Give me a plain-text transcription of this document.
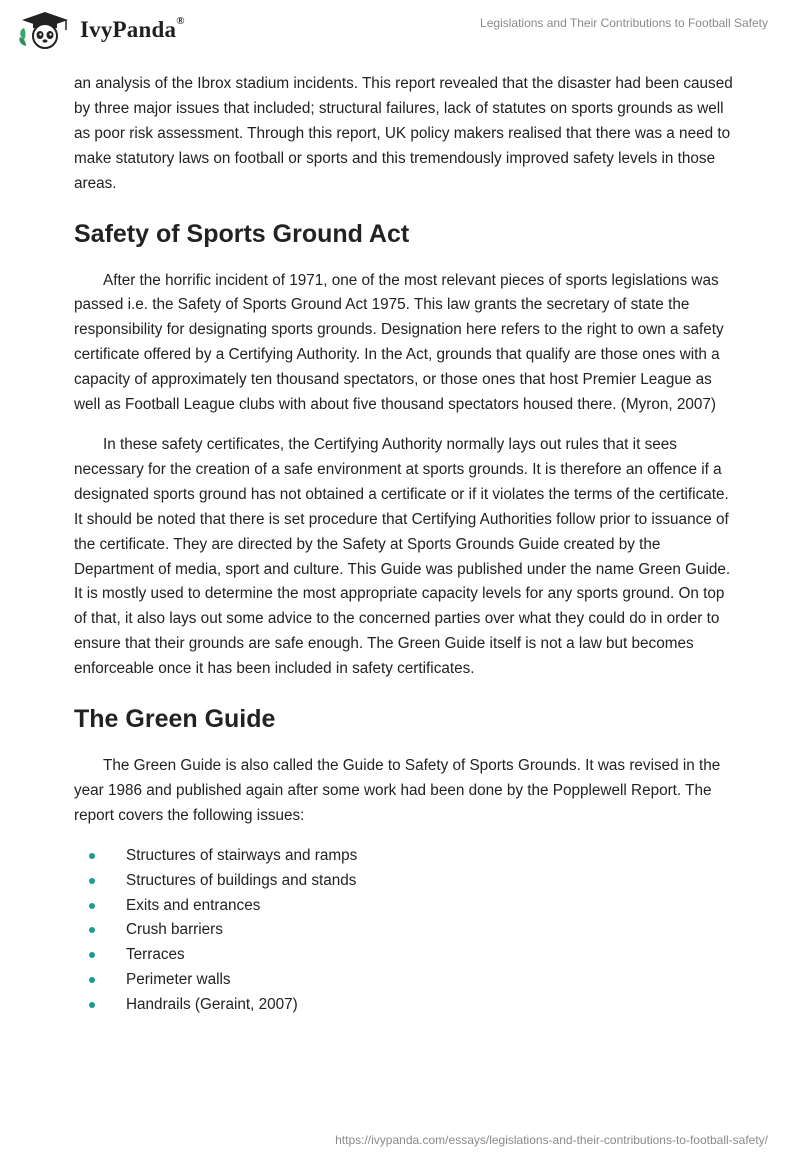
IvyPanda®	Legislations and Their Contributions to Football Safety

an analysis of the Ibrox stadium incidents. This report revealed that the disaster had been caused by three major issues that included; structural failures, lack of statutes on sports grounds as well as poor risk assessment. Through this report, UK policy makers realised that there was a need to make statutory laws on football or sports and this tremendously improved safety levels in those areas.

Safety of Sports Ground Act

After the horrific incident of 1971, one of the most relevant pieces of sports legislations was passed i.e. the Safety of Sports Ground Act 1975. This law grants the secretary of state the responsibility for designating sports grounds. Designation here refers to the right to own a safety certificate offered by a Certifying Authority. In the Act, grounds that qualify are those ones with a capacity of approximately ten thousand spectators, or those ones that host Premier League as well as Football League clubs with about five thousand spectators housed there. (Myron, 2007)

In these safety certificates, the Certifying Authority normally lays out rules that it sees necessary for the creation of a safe environment at sports grounds. It is therefore an offence if a designated sports ground has not obtained a certificate or if it violates the terms of the certificate. It should be noted that there is set procedure that Certifying Authorities follow prior to issuance of the certificate. They are directed by the Safety at Sports Grounds Guide created by the Department of media, sport and culture. This Guide was published under the name Green Guide. It is mostly used to determine the most appropriate capacity levels for any sports ground. On top of that, it also lays out some advice to the concerned parties over what they could do in order to ensure that their grounds are safe enough. The Green Guide itself is not a law but becomes enforceable once it has been included in safety certificates.

The Green Guide

The Green Guide is also called the Guide to Safety of Sports Grounds. It was revised in the year 1986 and published again after some work had been done by the Popplewell Report. The report covers the following issues:

Structures of stairways and ramps
Structures of buildings and stands
Exits and entrances
Crush barriers
Terraces
Perimeter walls
Handrails (Geraint, 2007)
https://ivypanda.com/essays/legislations-and-their-contributions-to-football-safety/
